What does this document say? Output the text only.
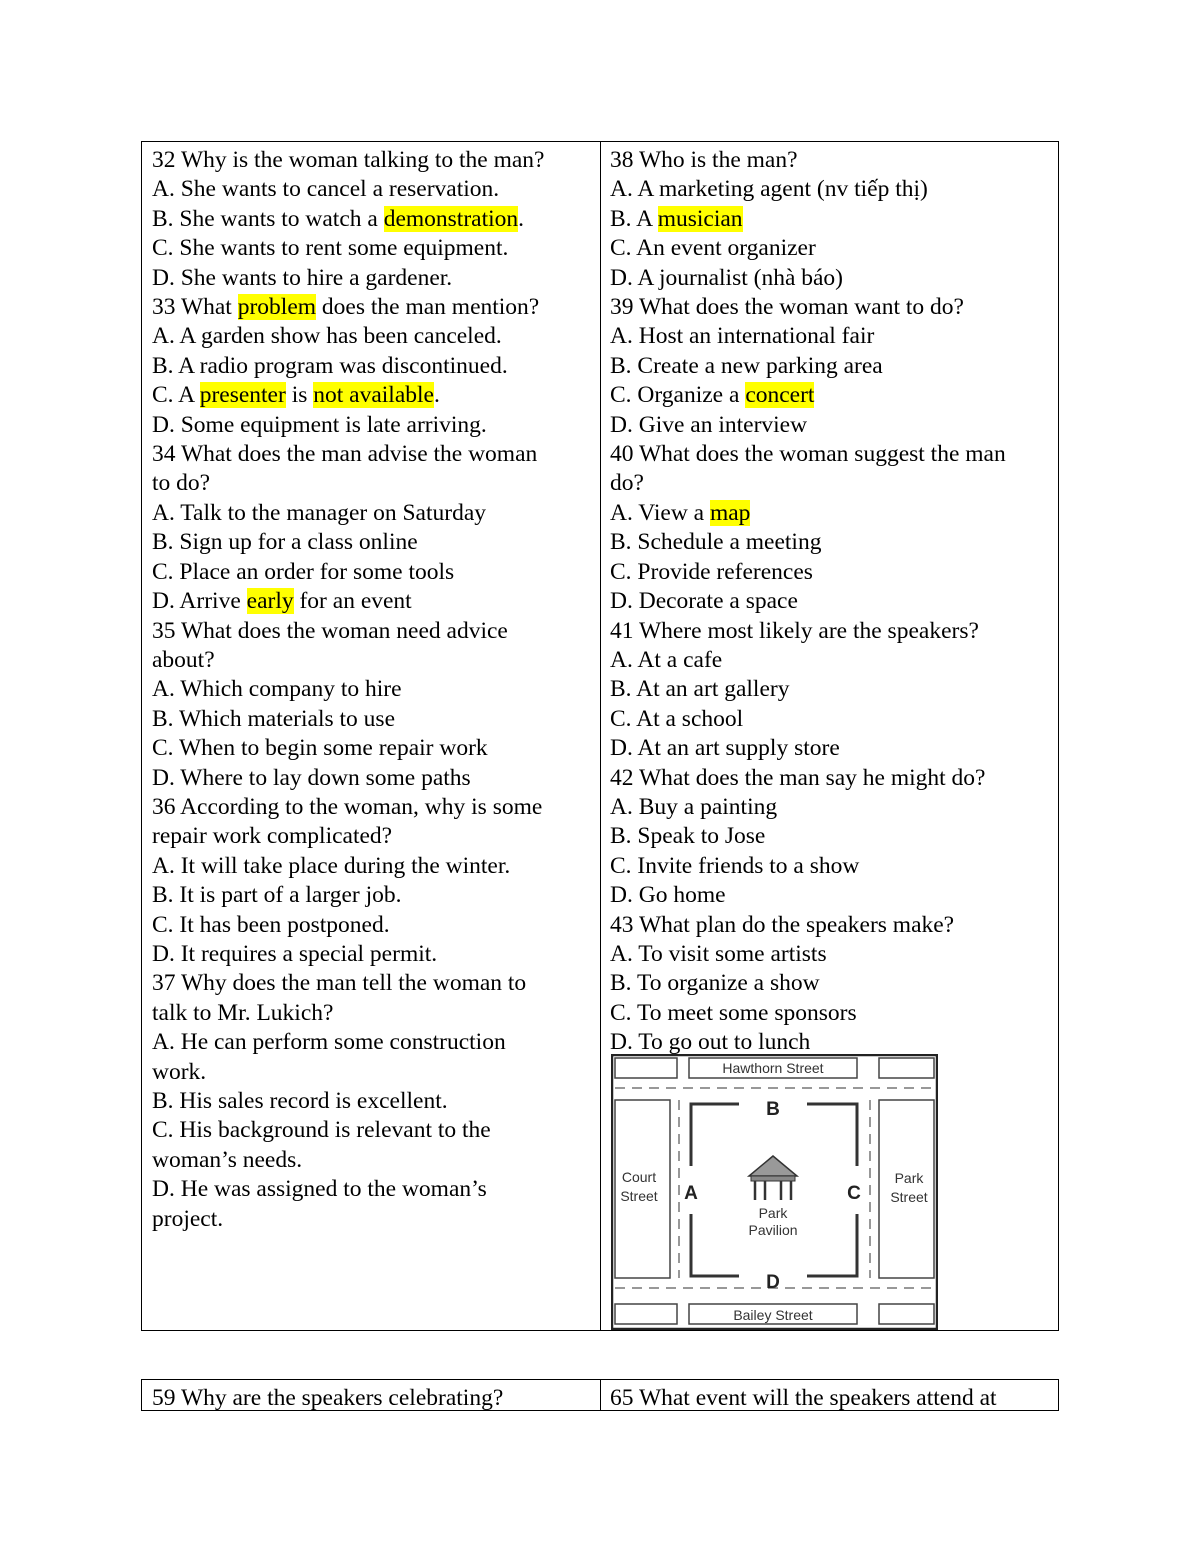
32 Why is the woman talking to the man?
A. She wants to cancel a reservation.
B. She wants to watch a demonstration.
C. She wants to rent some equipment.
D. She wants to hire a gardener.
33 What problem does the man mention?
A. A garden show has been canceled.
B. A radio program was discontinued.
C. A presenter is not available.
D. Some equipment is late arriving.
34 What does the man advise the woman
to do?
A. Talk to the manager on Saturday
B. Sign up for a class online
C. Place an order for some tools
D. Arrive early for an event
35 What does the woman need advice
about?
A. Which company to hire
B. Which materials to use
C. When to begin some repair work
D. Where to lay down some paths
36 According to the woman, why is some
repair work complicated?
A. It will take place during the winter.
B. It is part of a larger job.
C. It has been postponed.
D. It requires a special permit.
37 Why does the man tell the woman to
talk to Mr. Lukich?
A. He can perform some construction
work.
B. His sales record is excellent.
C. His background is relevant to the
woman’s needs.
D. He was assigned to the woman’s
project.
38 Who is the man?
A. A marketing agent (nv tiếp thị)
B. A musician
C. An event organizer
D. A journalist (nhà báo)
39 What does the woman want to do?
A. Host an international fair
B. Create a new parking area
C. Organize a concert
D. Give an interview
40 What does the woman suggest the man
do?
A. View a map
B. Schedule a meeting
C. Provide references
D. Decorate a space
41 Where most likely are the speakers?
A. At a cafe
B. At an art gallery
C. At a school
D. At an art supply store
42 What does the man say he might do?
A. Buy a painting
B. Speak to Jose
C. Invite friends to a show
D. Go home
43 What plan do the speakers make?
A. To visit some artists
B. To organize a show
C. To meet some sponsors
D. To go out to lunch
Hawthorn Street
Bailey Street
Court
Street
Park
Street
B
A	C
D
Park
Pavilion
59 Why are the speakers celebrating?	65 What event will the speakers attend at
